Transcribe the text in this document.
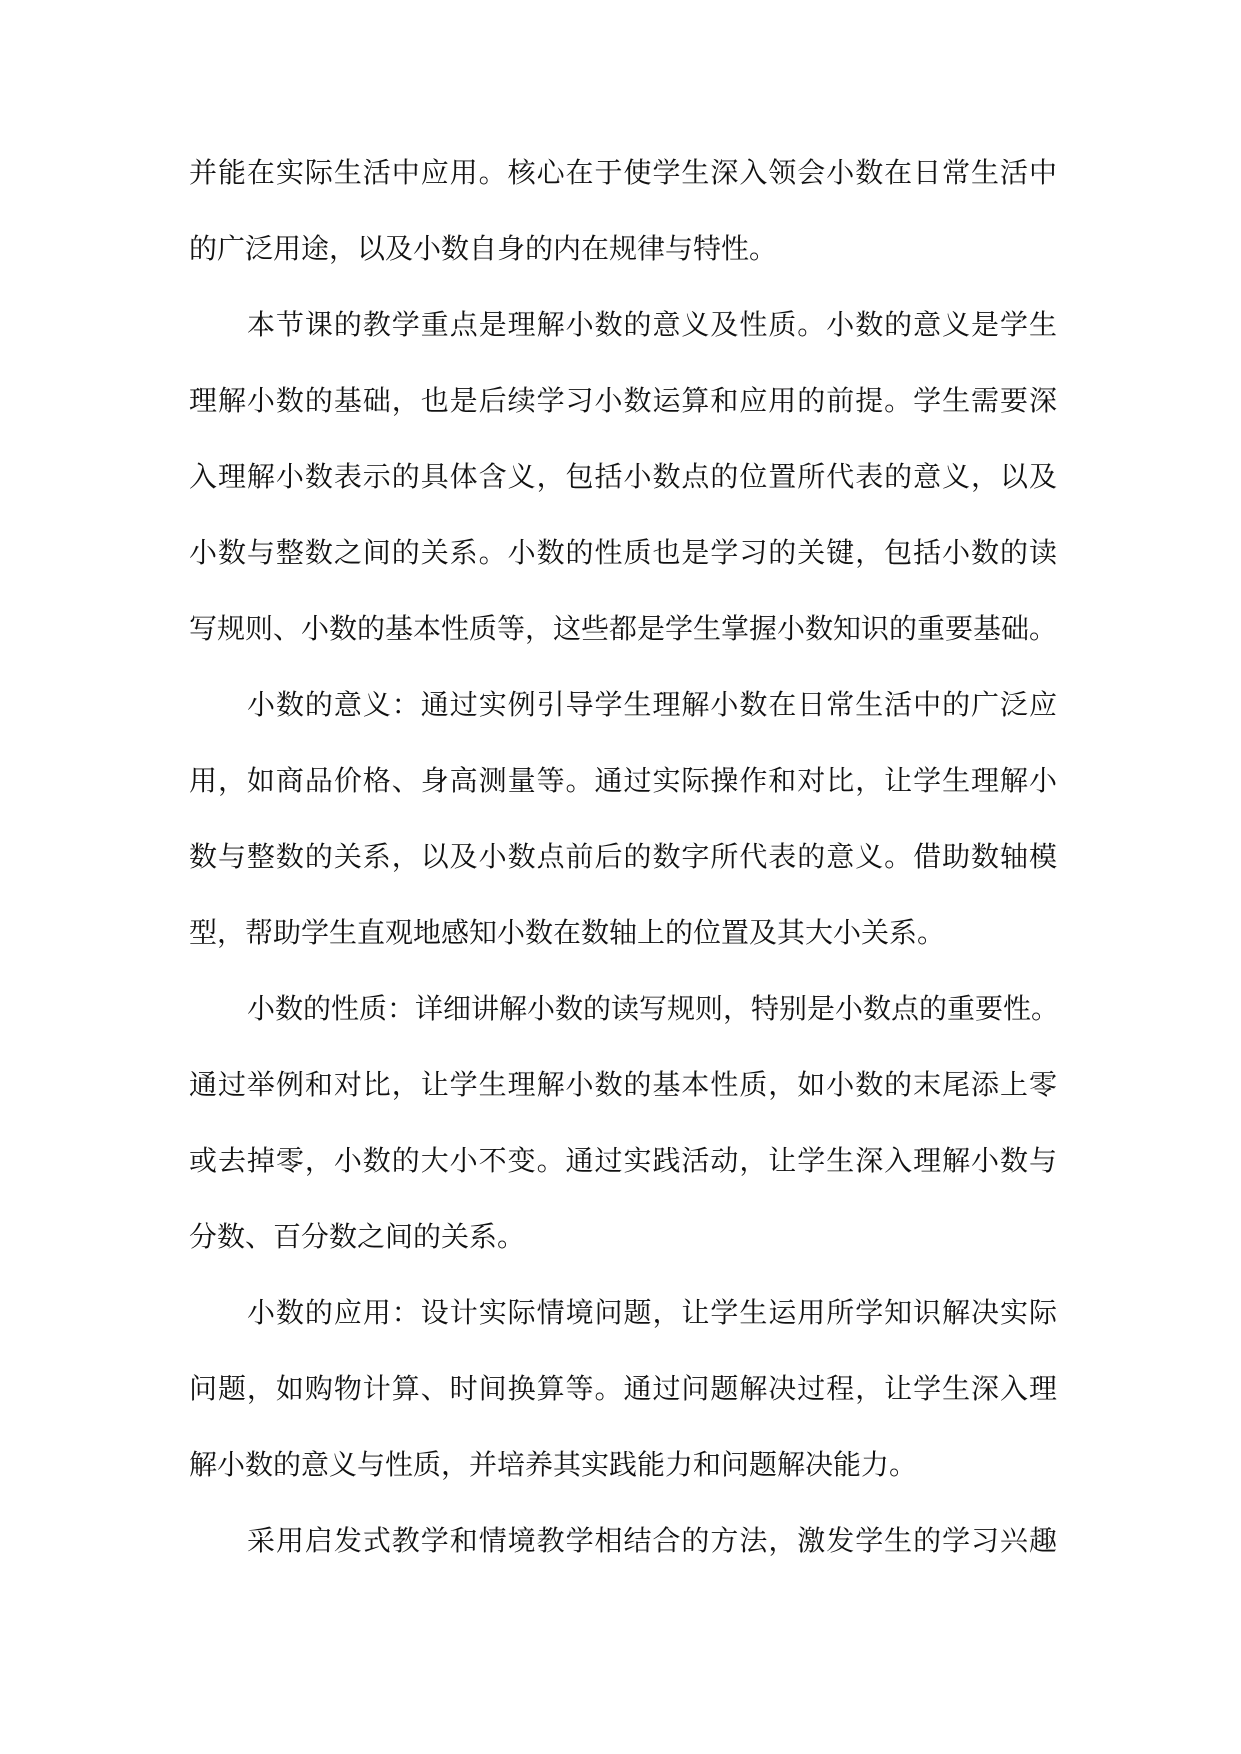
并能在实际生活中应用。核心在于使学生深入领会小数在日常生活中
的广泛用途，以及小数自身的内在规律与特性。
本节课的教学重点是理解小数的意义及性质。小数的意义是学生
理解小数的基础，也是后续学习小数运算和应用的前提。学生需要深
入理解小数表示的具体含义，包括小数点的位置所代表的意义，以及
小数与整数之间的关系。小数的性质也是学习的关键，包括小数的读
写规则、小数的基本性质等，这些都是学生掌握小数知识的重要基础。
小数的意义：通过实例引导学生理解小数在日常生活中的广泛应
用，如商品价格、身高测量等。通过实际操作和对比，让学生理解小
数与整数的关系，以及小数点前后的数字所代表的意义。借助数轴模
型，帮助学生直观地感知小数在数轴上的位置及其大小关系。
小数的性质：详细讲解小数的读写规则，特别是小数点的重要性。
通过举例和对比，让学生理解小数的基本性质，如小数的末尾添上零
或去掉零，小数的大小不变。通过实践活动，让学生深入理解小数与
分数、百分数之间的关系。
小数的应用：设计实际情境问题，让学生运用所学知识解决实际
问题，如购物计算、时间换算等。通过问题解决过程，让学生深入理
解小数的意义与性质，并培养其实践能力和问题解决能力。
采用启发式教学和情境教学相结合的方法，激发学生的学习兴趣
